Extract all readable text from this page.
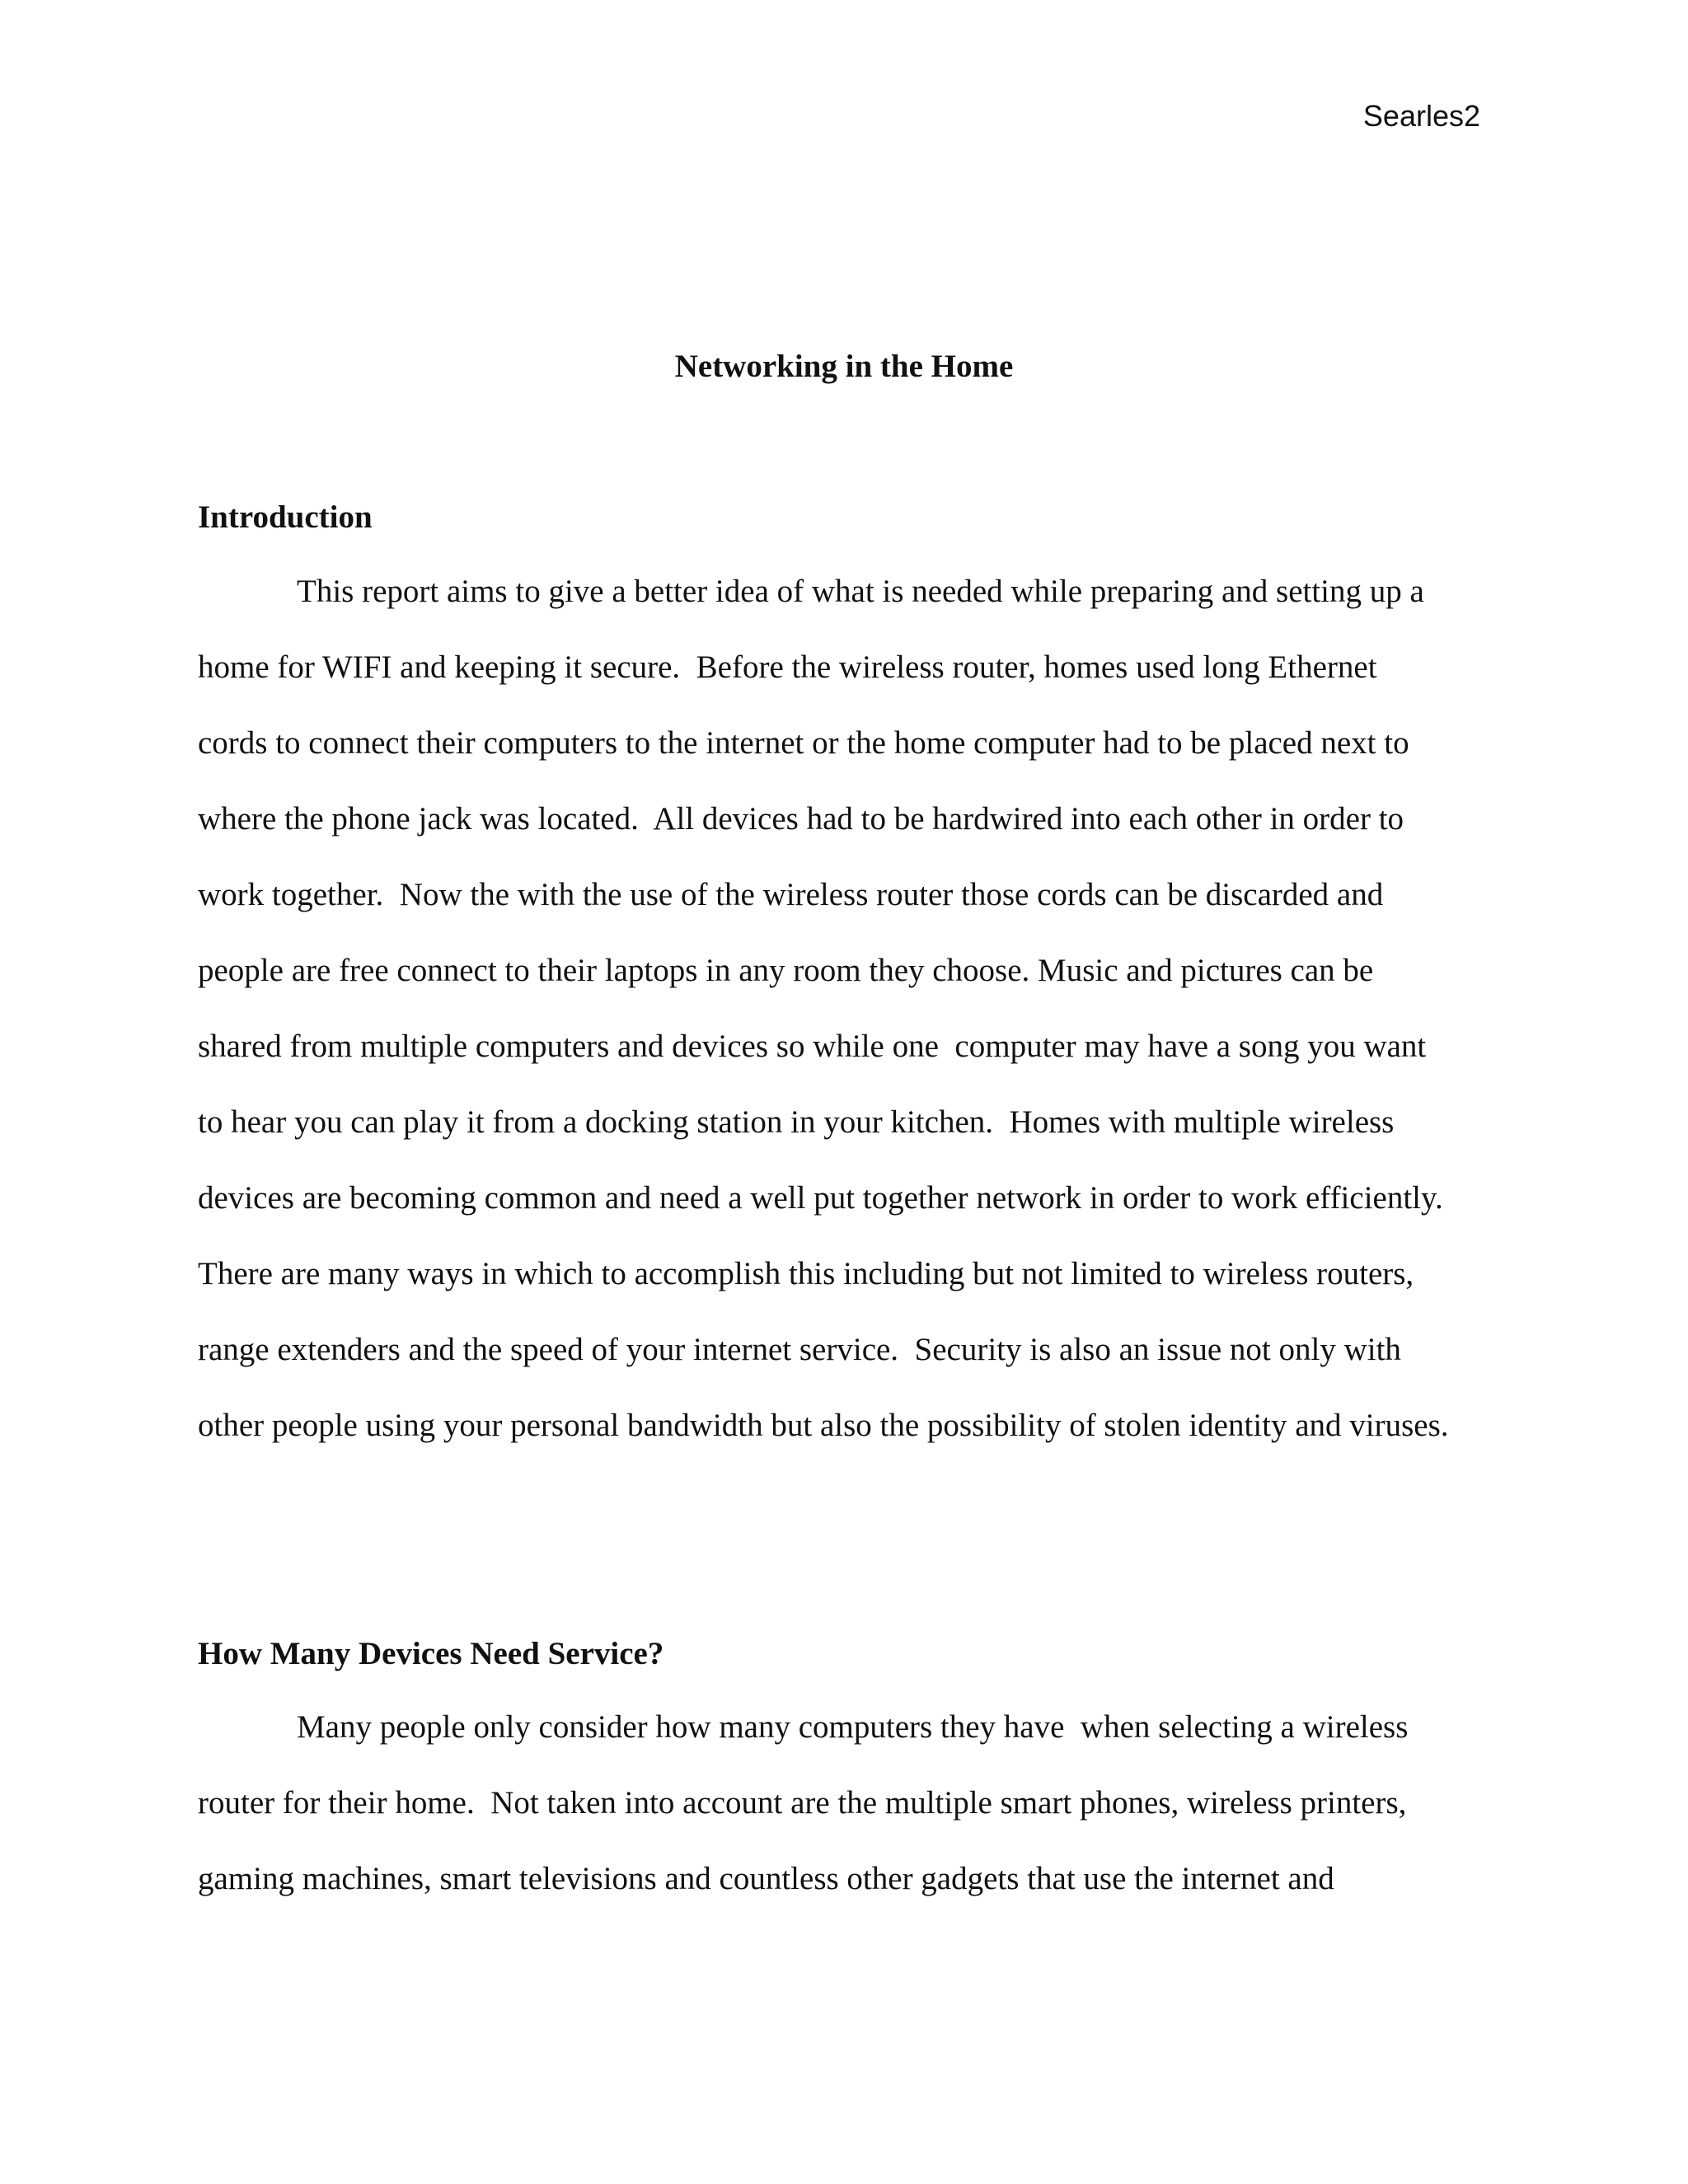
Searles2
Networking in the Home
Introduction
This report aims to give a better idea of what is needed while preparing and setting up a
home for WIFI and keeping it secure.  Before the wireless router, homes used long Ethernet
cords to connect their computers to the internet or the home computer had to be placed next to
where the phone jack was located.  All devices had to be hardwired into each other in order to
work together.  Now the with the use of the wireless router those cords can be discarded and
people are free connect to their laptops in any room they choose. Music and pictures can be
shared from multiple computers and devices so while one  computer may have a song you want
to hear you can play it from a docking station in your kitchen.  Homes with multiple wireless
devices are becoming common and need a well put together network in order to work efficiently.
There are many ways in which to accomplish this including but not limited to wireless routers,
range extenders and the speed of your internet service.  Security is also an issue not only with
other people using your personal bandwidth but also the possibility of stolen identity and viruses.
How Many Devices Need Service?
Many people only consider how many computers they have  when selecting a wireless
router for their home.  Not taken into account are the multiple smart phones, wireless printers,
gaming machines, smart televisions and countless other gadgets that use the internet and
